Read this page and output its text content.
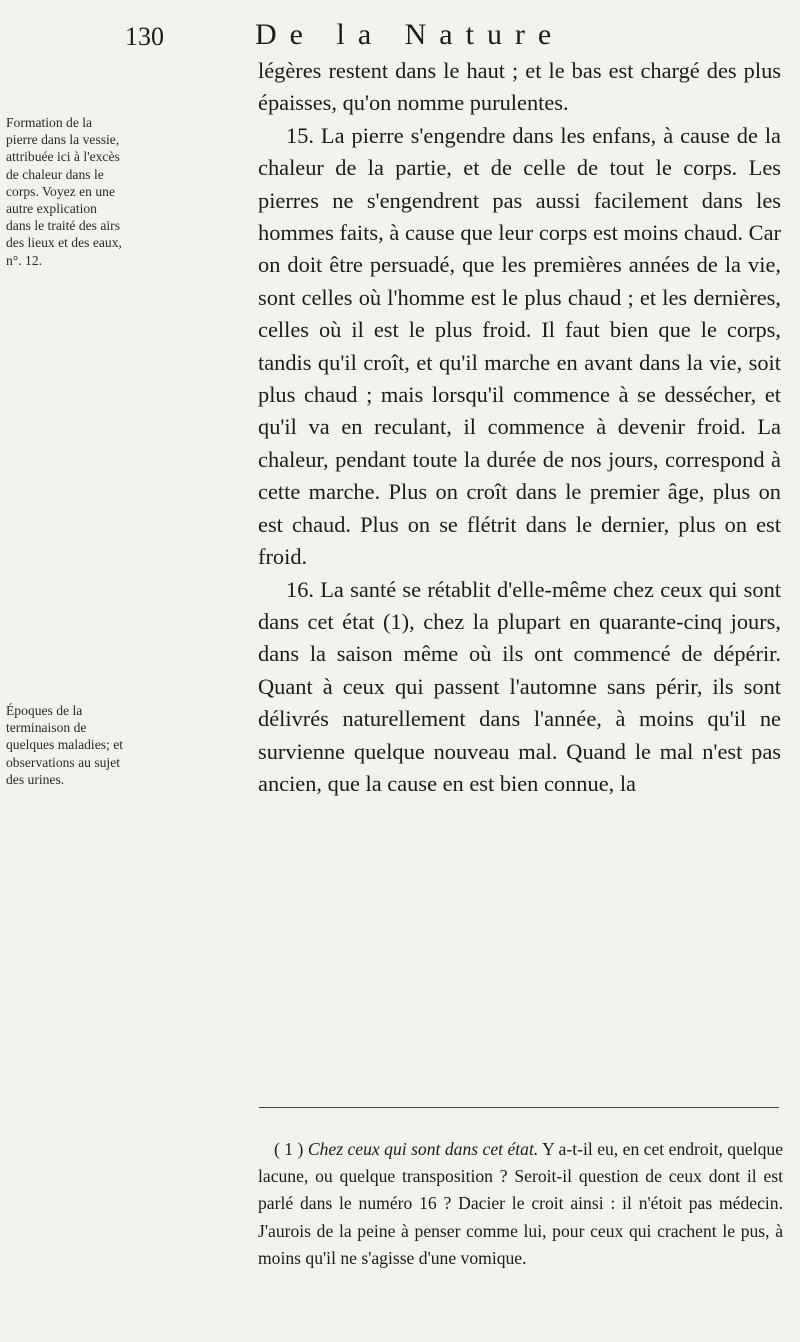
130	De la Nature
Formation de la pierre dans la vessie, attribuée ici à l'excès de chaleur dans le corps. Voyez en une autre explication dans le traité des airs des lieux et des eaux, n°. 12.
Époques de la terminaison de quelques maladies; et observations au sujet des urines.

légères restent dans le haut ; et le bas est chargé des plus épaisses, qu'on nomme purulentes.

15. La pierre s'engendre dans les enfans, à cause de la chaleur de la partie, et de celle de tout le corps. Les pierres ne s'engendrent pas aussi facilement dans les hommes faits, à cause que leur corps est moins chaud. Car on doit être persuadé, que les premières années de la vie, sont celles où l'homme est le plus chaud ; et les dernières, celles où il est le plus froid. Il faut bien que le corps, tandis qu'il croît, et qu'il marche en avant dans la vie, soit plus chaud ; mais lorsqu'il commence à se dessécher, et qu'il va en reculant, il commence à devenir froid. La chaleur, pendant toute la durée de nos jours, correspond à cette marche. Plus on croît dans le premier âge, plus on est chaud. Plus on se flétrit dans le dernier, plus on est froid.

16. La santé se rétablit d'elle-même chez ceux qui sont dans cet état (1), chez la plupart en quarante-cinq jours, dans la saison même où ils ont commencé de dépérir. Quant à ceux qui passent l'automne sans périr, ils sont délivrés naturellement dans l'année, à moins qu'il ne survienne quelque nouveau mal. Quand le mal n'est pas ancien, que la cause en est bien connue, la

( 1 ) Chez ceux qui sont dans cet état. Y a-t-il eu, en cet endroit, quelque lacune, ou quelque transposition ? Seroit-il question de ceux dont il est parlé dans le numéro 16 ? Dacier le croit ainsi : il n'étoit pas médecin. J'aurois de la peine à penser comme lui, pour ceux qui crachent le pus, à moins qu'il ne s'agisse d'une vomique.
